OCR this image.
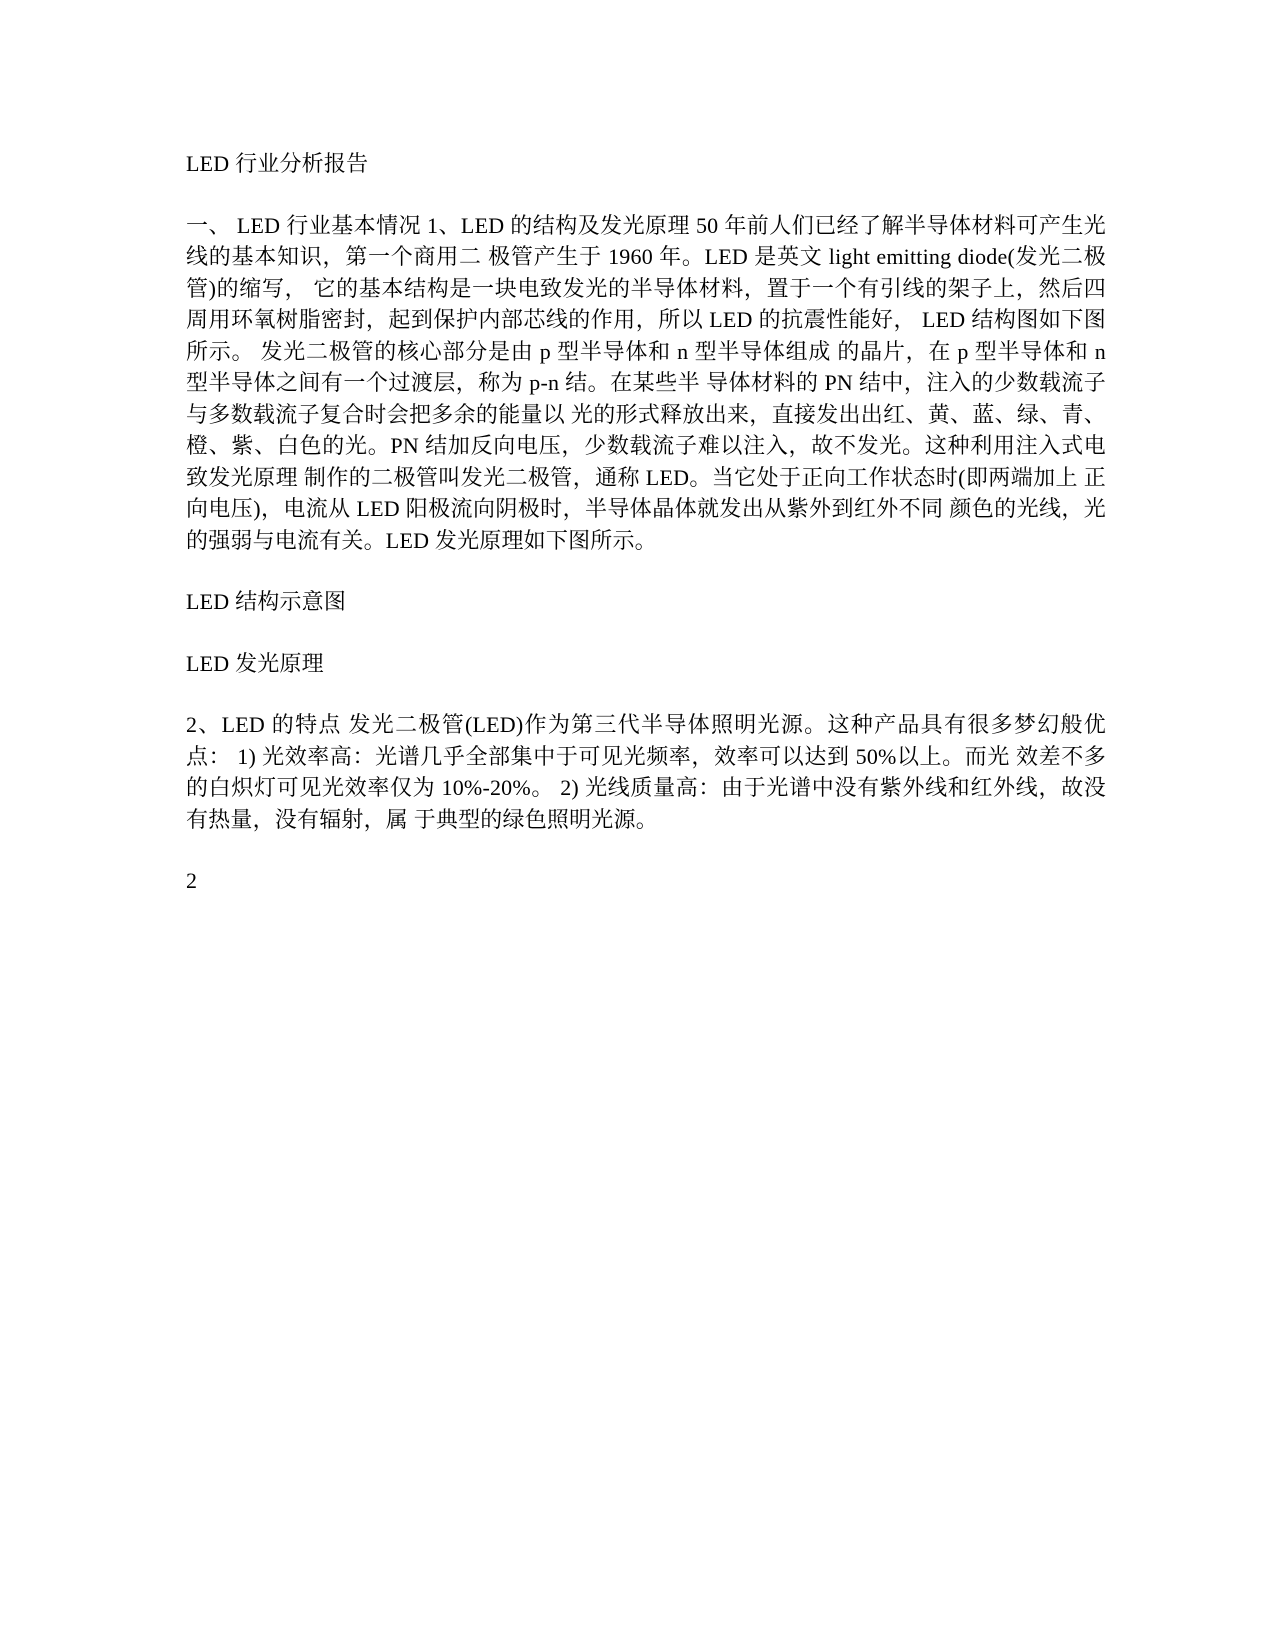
LED 行业分析报告

一、 LED 行业基本情况 1、LED 的结构及发光原理 50 年前人们已经了解半导体材料可产生光线的基本知识，第一个商用二 极管产生于 1960 年。LED 是英文 light emitting diode(发光二极管)的缩写， 它的基本结构是一块电致发光的半导体材料，置于一个有引线的架子上，然后四 周用环氧树脂密封，起到保护内部芯线的作用，所以 LED 的抗震性能好， LED 结构图如下图所示。 发光二极管的核心部分是由 p 型半导体和 n 型半导体组成 的晶片，在 p 型半导体和 n 型半导体之间有一个过渡层，称为 p-n 结。在某些半 导体材料的 PN 结中，注入的少数载流子与多数载流子复合时会把多余的能量以 光的形式释放出来，直接发出出红、黄、蓝、绿、青、橙、紫、白色的光。PN 结加反向电压，少数载流子难以注入，故不发光。这种利用注入式电致发光原理 制作的二极管叫发光二极管，通称 LED。当它处于正向工作状态时(即两端加上 正向电压)，电流从 LED 阳极流向阴极时，半导体晶体就发出从紫外到红外不同 颜色的光线，光的强弱与电流有关。LED 发光原理如下图所示。

LED 结构示意图

LED 发光原理

2、LED 的特点 发光二极管(LED)作为第三代半导体照明光源。这种产品具有很多梦幻般优点： 1) 光效率高：光谱几乎全部集中于可见光频率，效率可以达到 50%以上。而光 效差不多的白炽灯可见光效率仅为 10%-20%。 2) 光线质量高：由于光谱中没有紫外线和红外线，故没有热量，没有辐射，属 于典型的绿色照明光源。

2
